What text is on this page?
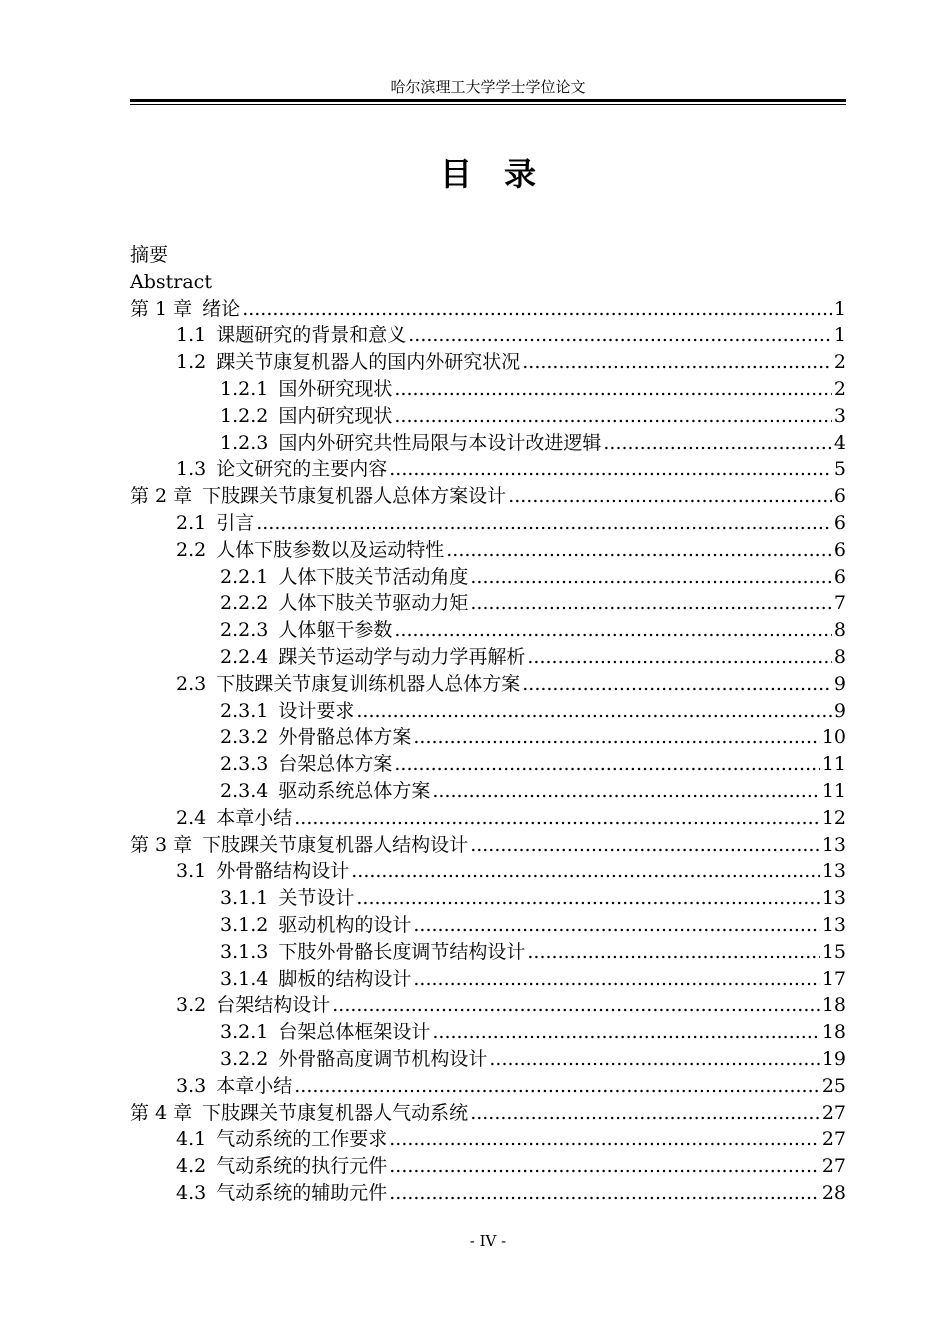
哈尔滨理工大学学士学位论文
目录
摘要
Abstract
第 1 章 绪论 .....	1
1.1 课题研究的背景和意义 .....	1
1.2 踝关节康复机器人的国内外研究状况 .....	2
1.2.1 国外研究现状 .....	2
1.2.2 国内研究现状 .....	3
1.2.3 国内外研究共性局限与本设计改进逻辑 .....	4
1.3 论文研究的主要内容 .....	5
第 2 章 下肢踝关节康复机器人总体方案设计 .....	6
2.1 引言 .....	6
2.2 人体下肢参数以及运动特性 .....	6
2.2.1 人体下肢关节活动角度 .....	6
2.2.2 人体下肢关节驱动力矩 .....	7
2.2.3 人体躯干参数 .....	8
2.2.4 踝关节运动学与动力学再解析 .....	8
2.3 下肢踝关节康复训练机器人总体方案 .....	9
2.3.1 设计要求 .....	9
2.3.2 外骨骼总体方案 .....	10
2.3.3 台架总体方案 .....	11
2.3.4 驱动系统总体方案 .....	11
2.4 本章小结 .....	12
第 3 章 下肢踝关节康复机器人结构设计 .....	13
3.1 外骨骼结构设计 .....	13
3.1.1 关节设计 .....	13
3.1.2 驱动机构的设计 .....	13
3.1.3 下肢外骨骼长度调节结构设计 .....	15
3.1.4 脚板的结构设计 .....	17
3.2 台架结构设计 .....	18
3.2.1 台架总体框架设计 .....	18
3.2.2 外骨骼高度调节机构设计 .....	19
3.3 本章小结 .....	25
第 4 章 下肢踝关节康复机器人气动系统 .....	27
4.1 气动系统的工作要求 .....	27
4.2 气动系统的执行元件 .....	27
4.3 气动系统的辅助元件 .....	28
- IV -
